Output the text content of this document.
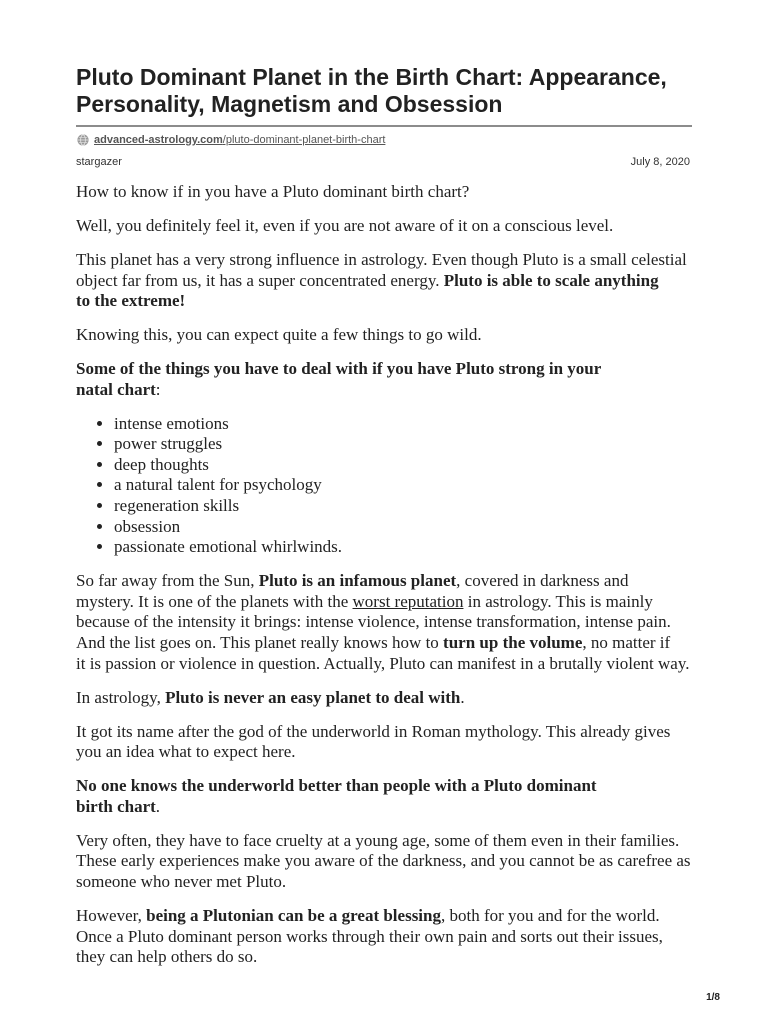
Pluto Dominant Planet in the Birth Chart: Appearance,
Personality, Magnetism and Obsession
advanced-astrology.com/pluto-dominant-planet-birth-chart
stargazer	July 8, 2020

How to know if in you have a Pluto dominant birth chart?

Well, you definitely feel it, even if you are not aware of it on a conscious level.

This planet has a very strong influence in astrology. Even though Pluto is a small celestial
object far from us, it has a super concentrated energy. Pluto is able to scale anything
to the extreme!

Knowing this, you can expect quite a few things to go wild.

Some of the things you have to deal with if you have Pluto strong in your
natal chart:

• intense emotions
• power struggles
• deep thoughts
• a natural talent for psychology
• regeneration skills
• obsession
• passionate emotional whirlwinds.

So far away from the Sun, Pluto is an infamous planet, covered in darkness and
mystery. It is one of the planets with the worst reputation in astrology. This is mainly
because of the intensity it brings: intense violence, intense transformation, intense pain.
And the list goes on. This planet really knows how to turn up the volume, no matter if
it is passion or violence in question. Actually, Pluto can manifest in a brutally violent way.

In astrology, Pluto is never an easy planet to deal with.

It got its name after the god of the underworld in Roman mythology. This already gives
you an idea what to expect here.

No one knows the underworld better than people with a Pluto dominant
birth chart.

Very often, they have to face cruelty at a young age, some of them even in their families.
These early experiences make you aware of the darkness, and you cannot be as carefree as
someone who never met Pluto.

However, being a Plutonian can be a great blessing, both for you and for the world.
Once a Pluto dominant person works through their own pain and sorts out their issues,
they can help others do so.

1/8
